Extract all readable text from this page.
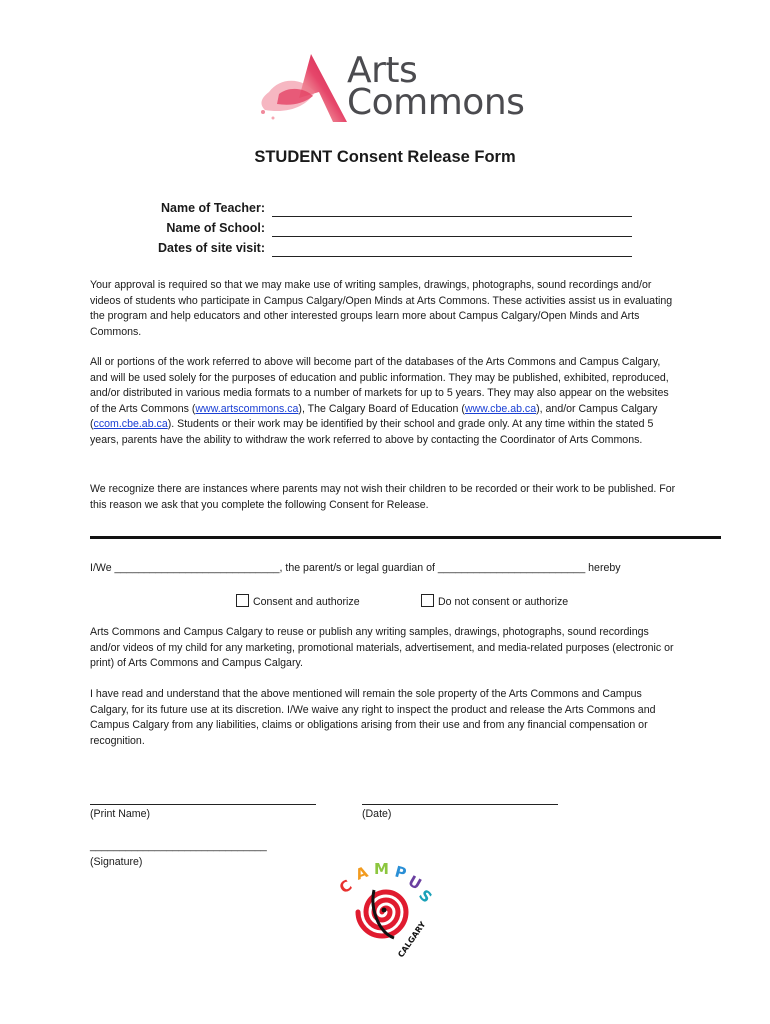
Arts
Commons
STUDENT Consent Release Form
Name of Teacher:
Name of School:
Dates of site visit:
Your approval is required so that we may make use of writing samples, drawings, photographs, sound recordings and/or videos of students who participate in Campus Calgary/Open Minds at Arts Commons. These activities assist us in evaluating the program and help educators and other interested groups learn more about Campus Calgary/Open Minds and Arts Commons.
All or portions of the work referred to above will become part of the databases of the Arts Commons and Campus Calgary, and will be used solely for the purposes of education and public information. They may be published, exhibited, reproduced, and/or distributed in various media formats to a number of markets for up to 5 years. They may also appear on the websites of the Arts Commons (www.artscommons.ca), The Calgary Board of Education (www.cbe.ab.ca), and/or Campus Calgary (ccom.cbe.ab.ca). Students or their work may be identified by their school and grade only. At any time within the stated 5 years, parents have the ability to withdraw the work referred to above by contacting the Coordinator of Arts Commons.
We recognize there are instances where parents may not wish their children to be recorded or their work to be published. For this reason we ask that you complete the following Consent for Release.
I/We ____________________________, the parent/s or legal guardian of _________________________ hereby
Consent and authorize	Do not consent or authorize
Arts Commons and Campus Calgary to reuse or publish any writing samples, drawings, photographs, sound recordings and/or videos of my child for any marketing, promotional materials, advertisement, and media-related purposes (electronic or print) of Arts Commons and Campus Calgary.
I have read and understand that the above mentioned will remain the sole property of the Arts Commons and Campus Calgary, for its future use at its discretion. I/We waive any right to inspect the product and release the Arts Commons and Campus Calgary from any liabilities, claims or obligations arising from their use and from any financial compensation or recognition.
(Print Name)	(Date)
______________________________
(Signature)
C
A M P
U
S
CALGARY
